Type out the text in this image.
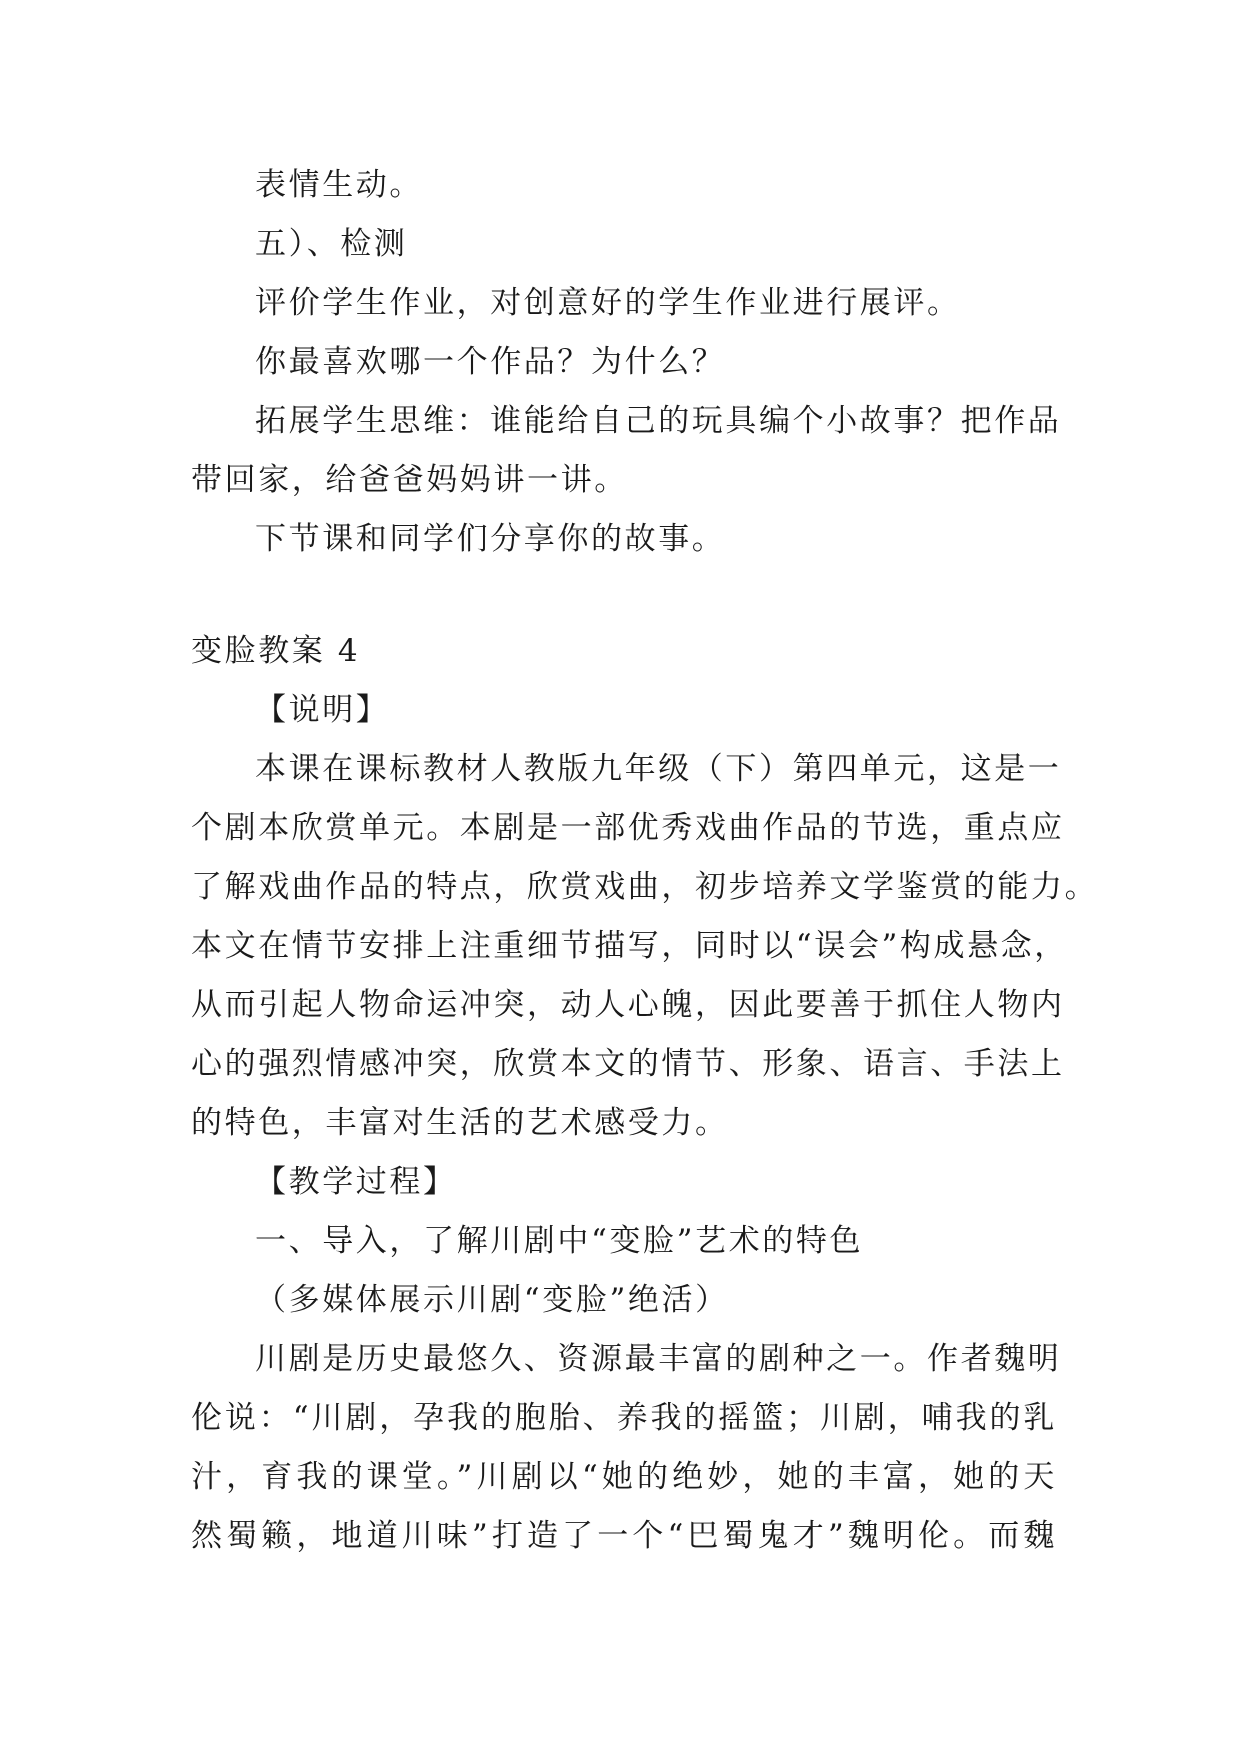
表情生动。
五）、检测
评价学生作业，对创意好的学生作业进行展评。
你最喜欢哪一个作品？为什么？
拓展学生思维：谁能给自己的玩具编个小故事？把作品
带回家，给爸爸妈妈讲一讲。
下节课和同学们分享你的故事。
变脸教案 4
【说明】
本课在课标教材人教版九年级（下）第四单元，这是一
个剧本欣赏单元。本剧是一部优秀戏曲作品的节选，重点应
了解戏曲作品的特点，欣赏戏曲，初步培养文学鉴赏的能力。
本文在情节安排上注重细节描写，同时以“误会”构成悬念，
从而引起人物命运冲突，动人心魄，因此要善于抓住人物内
心的强烈情感冲突，欣赏本文的情节、形象、语言、手法上
的特色，丰富对生活的艺术感受力。
【教学过程】
一、导入，了解川剧中“变脸”艺术的特色
（多媒体展示川剧“变脸”绝活）
川剧是历史最悠久、资源最丰富的剧种之一。作者魏明
伦说：“川剧，孕我的胞胎、养我的摇篮；川剧，哺我的乳
汁，育我的课堂。”川剧以“她的绝妙，她的丰富，她的天
然蜀籁，地道川味”打造了一个“巴蜀鬼才”魏明伦。而魏
